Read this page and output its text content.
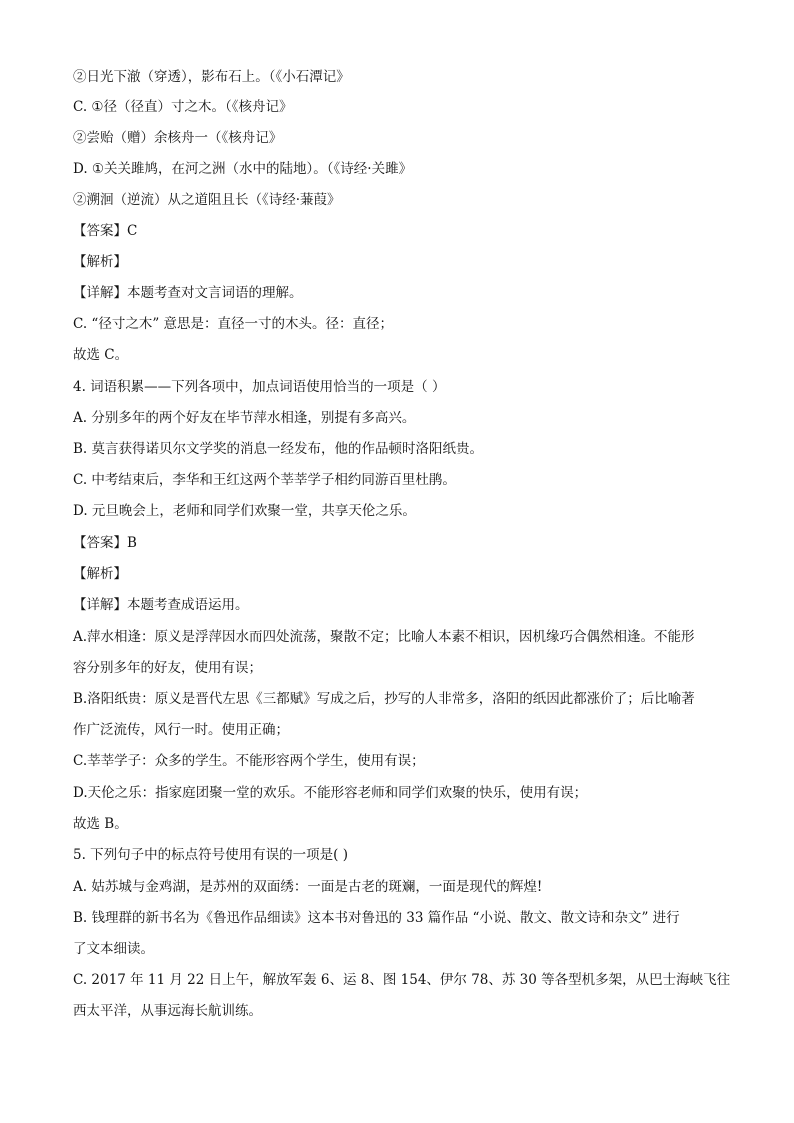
②日光下澈（穿透），影布石上。（《小石潭记》
C. ①径（径直）寸之木。（《核舟记》
②尝贻（赠）余核舟一（《核舟记》
D. ①关关雎鸠，在河之洲（水中的陆地）。（《诗经·关雎》
②溯洄（逆流）从之道阻且长（《诗经·蒹葭》
【答案】C
【解析】
【详解】本题考查对文言词语的理解。
C. “径寸之木” 意思是：直径一寸的木头。径：直径；
故选 C。
4. 词语积累——下列各项中，加点词语使用恰当的一项是（ ）
A. 分别多年的两个好友在毕节萍水相逢，别提有多高兴。
B. 莫言获得诺贝尔文学奖的消息一经发布，他的作品顿时洛阳纸贵。
C. 中考结束后，李华和王红这两个莘莘学子相约同游百里杜鹃。
D. 元旦晚会上，老师和同学们欢聚一堂，共享天伦之乐。
【答案】B
【解析】
【详解】本题考查成语运用。
A.萍水相逢：原义是浮萍因水而四处流荡，聚散不定；比喻人本素不相识，因机缘巧合偶然相逢。不能形
容分别多年的好友，使用有误；
B.洛阳纸贵：原义是晋代左思《三都赋》写成之后，抄写的人非常多，洛阳的纸因此都涨价了；后比喻著
作广泛流传，风行一时。使用正确；
C.莘莘学子：众多的学生。不能形容两个学生，使用有误；
D.天伦之乐：指家庭团聚一堂的欢乐。不能形容老师和同学们欢聚的快乐，使用有误；
故选 B。
5. 下列句子中的标点符号使用有误的一项是( )
A. 姑苏城与金鸡湖，是苏州的双面绣：一面是古老的斑斓，一面是现代的辉煌!
B. 钱理群的新书名为《鲁迅作品细读》这本书对鲁迅的 33 篇作品 “小说、散文、散文诗和杂文” 进行
了文本细读。
C. 2017 年 11 月 22 日上午，解放军轰 6、运 8、图 154、伊尔 78、苏 30 等各型机多架，从巴士海峡飞往
西太平洋，从事远海长航训练。
